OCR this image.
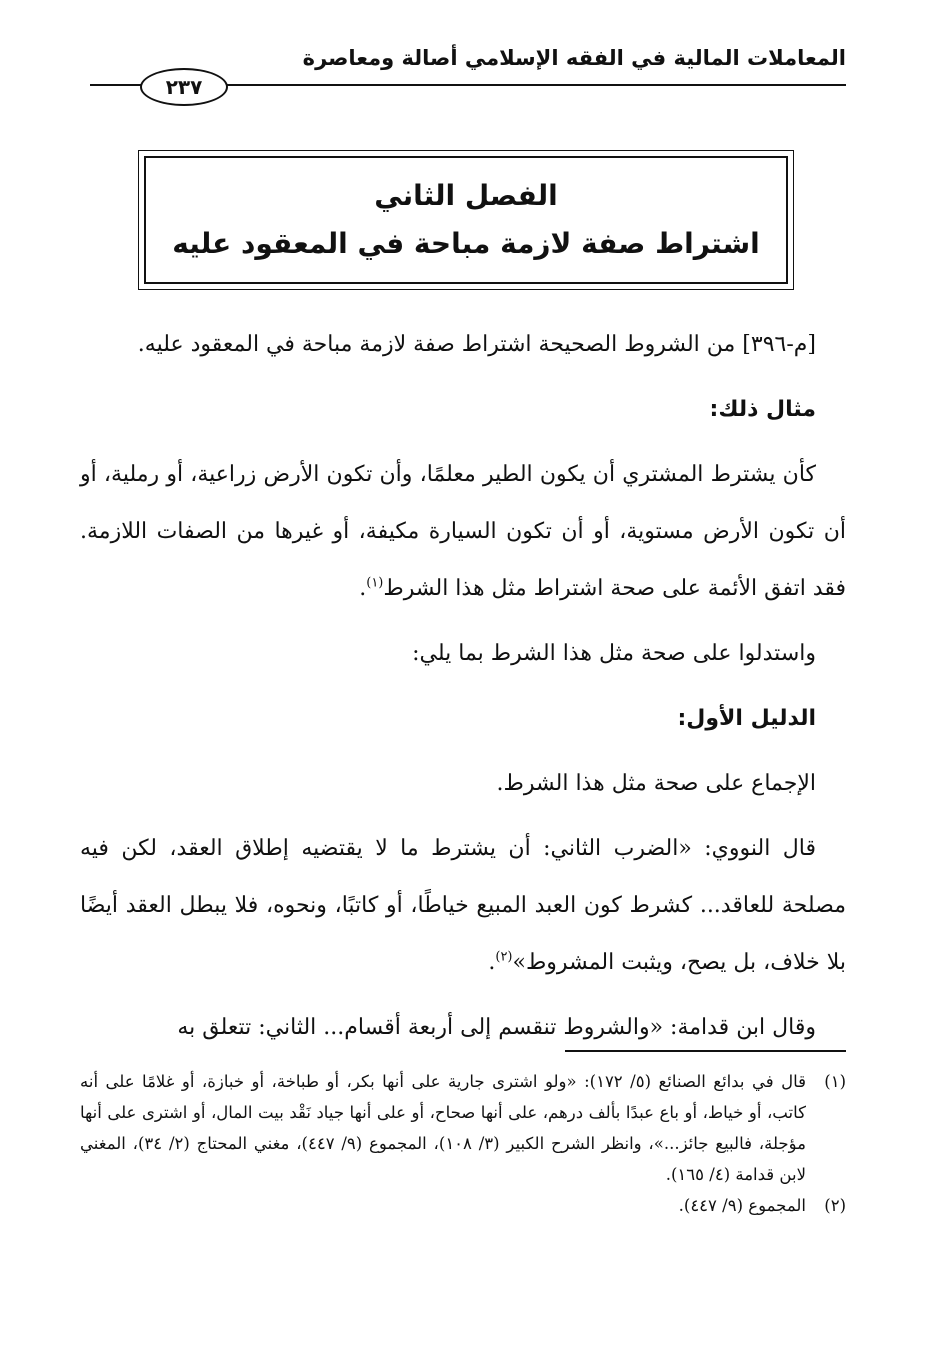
المعاملات المالية في الفقه الإسلامي أصالة ومعاصرة
٢٣٧
الفصل الثاني
اشتراط صفة لازمة مباحة في المعقود عليه

[م-٣٩٦] من الشروط الصحيحة اشتراط صفة لازمة مباحة في المعقود عليه.

مثال ذلك:

كأن يشترط المشتري أن يكون الطير معلمًا، وأن تكون الأرض زراعية، أو رملية، أو أن تكون الأرض مستوية، أو أن تكون السيارة مكيفة، أو غيرها من الصفات اللازمة. فقد اتفق الأئمة على صحة اشتراط مثل هذا الشرط$^{(١)}$.

واستدلوا على صحة مثل هذا الشرط بما يلي:

الدليل الأول:

الإجماع على صحة مثل هذا الشرط.

قال النووي: «الضرب الثاني: أن يشترط ما لا يقتضيه إطلاق العقد، لكن فيه مصلحة للعاقد... كشرط كون العبد المبيع خياطًا، أو كاتبًا، ونحوه، فلا يبطل العقد أيضًا بلا خلاف، بل يصح، ويثبت المشروط»$^{(٢)}$.

وقال ابن قدامة: «والشروط تنقسم إلى أربعة أقسام... الثاني: تتعلق به

(١)
قال في بدائع الصنائع (٥/ ١٧٢): «ولو اشترى جارية على أنها بكر، أو طباخة، أو خبازة، أو غلامًا على أنه كاتب، أو خياط، أو باع عبدًا بألف درهم، على أنها صحاح، أو على أنها جياد نَقْد بيت المال، أو اشترى على أنها مؤجلة، فالبيع جائز...»، وانظر الشرح الكبير (٣/ ١٠٨)، المجموع (٩/ ٤٤٧)، مغني المحتاج (٢/ ٣٤)، المغني لابن قدامة (٤/ ١٦٥).
(٢)
المجموع (٩/ ٤٤٧).
